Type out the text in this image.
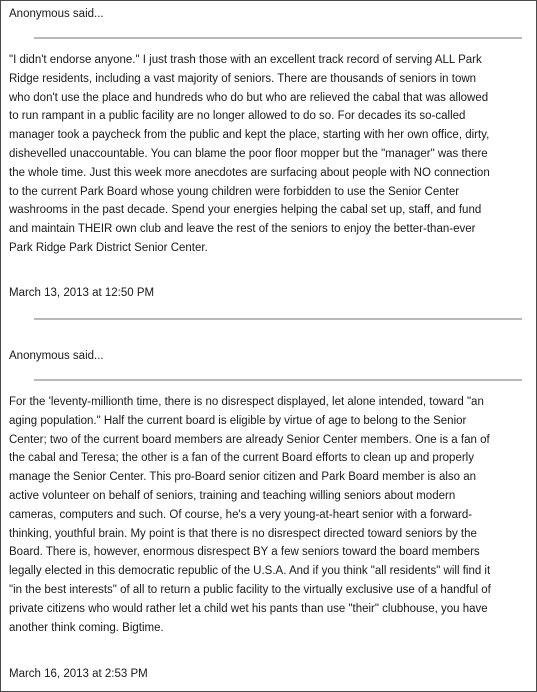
Anonymous said...
"I didn't endorse anyone." I just trash those with an excellent track record of serving ALL Park
Ridge residents, including a vast majority of seniors. There are thousands of seniors in town
who don't use the place and hundreds who do but who are relieved the cabal that was allowed
to run rampant in a public facility are no longer allowed to do so. For decades its so-called
manager took a paycheck from the public and kept the place, starting with her own office, dirty,
dishevelled unaccountable. You can blame the poor floor mopper but the "manager" was there
the whole time. Just this week more anecdotes are surfacing about people with NO connection
to the current Park Board whose young children were forbidden to use the Senior Center
washrooms in the past decade. Spend your energies helping the cabal set up, staff, and fund
and maintain THEIR own club and leave the rest of the seniors to enjoy the better-than-ever
Park Ridge Park District Senior Center.
March 13, 2013 at 12:50 PM
Anonymous said...
For the 'leventy-millionth time, there is no disrespect displayed, let alone intended, toward "an
aging population." Half the current board is eligible by virtue of age to belong to the Senior
Center; two of the current board members are already Senior Center members. One is a fan of
the cabal and Teresa; the other is a fan of the current Board efforts to clean up and properly
manage the Senior Center. This pro-Board senior citizen and Park Board member is also an
active volunteer on behalf of seniors, training and teaching willing seniors about modern
cameras, computers and such. Of course, he's a very young-at-heart senior with a forward-
thinking, youthful brain. My point is that there is no disrespect directed toward seniors by the
Board. There is, however, enormous disrespect BY a few seniors toward the board members
legally elected in this democratic republic of the U.S.A. And if you think "all residents" will find it
"in the best interests" of all to return a public facility to the virtually exclusive use of a handful of
private citizens who would rather let a child wet his pants than use "their" clubhouse, you have
another think coming. Bigtime.
March 16, 2013 at 2:53 PM
